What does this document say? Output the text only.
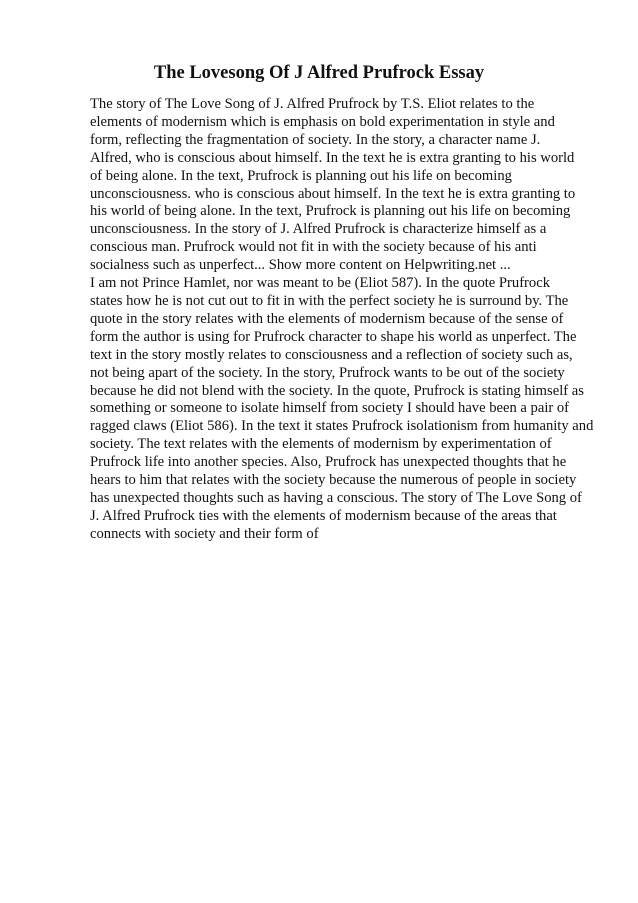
The Lovesong Of J Alfred Prufrock Essay
The story of The Love Song of J. Alfred Prufrock by T.S. Eliot relates to the
elements of modernism which is emphasis on bold experimentation in style and
form, reflecting the fragmentation of society. In the story, a character name J.
Alfred, who is conscious about himself. In the text he is extra granting to his world
of being alone. In the text, Prufrock is planning out his life on becoming
unconsciousness. who is conscious about himself. In the text he is extra granting to
his world of being alone. In the text, Prufrock is planning out his life on becoming
unconsciousness. In the story of J. Alfred Prufrock is characterize himself as a
conscious man. Prufrock would not fit in with the society because of his anti
socialness such as unperfect... Show more content on Helpwriting.net ...
I am not Prince Hamlet, nor was meant to be (Eliot 587). In the quote Prufrock
states how he is not cut out to fit in with the perfect society he is surround by. The
quote in the story relates with the elements of modernism because of the sense of
form the author is using for Prufrock character to shape his world as unperfect. The
text in the story mostly relates to consciousness and a reflection of society such as,
not being apart of the society. In the story, Prufrock wants to be out of the society
because he did not blend with the society. In the quote, Prufrock is stating himself as
something or someone to isolate himself from society I should have been a pair of
ragged claws (Eliot 586). In the text it states Prufrock isolationism from humanity and
society. The text relates with the elements of modernism by experimentation of
Prufrock life into another species. Also, Prufrock has unexpected thoughts that he
hears to him that relates with the society because the numerous of people in society
has unexpected thoughts such as having a conscious. The story of The Love Song of
J. Alfred Prufrock ties with the elements of modernism because of the areas that
connects with society and their form of
